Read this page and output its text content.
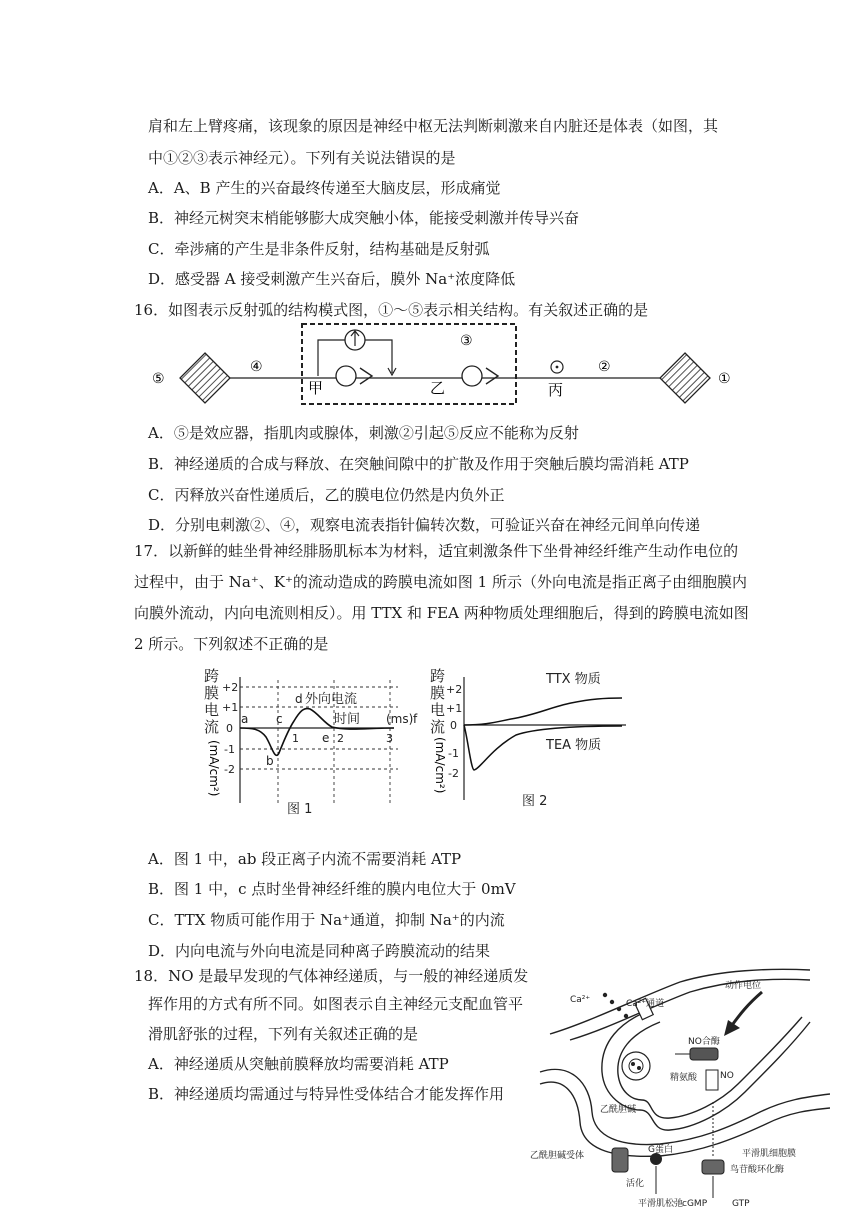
肩和左上臂疼痛，该现象的原因是神经中枢无法判断刺激来自内脏还是体表（如图，其
中①②③表示神经元）。下列有关说法错误的是
A．A、B 产生的兴奋最终传递至大脑皮层，形成痛觉
B．神经元树突末梢能够膨大成突触小体，能接受刺激并传导兴奋
C．牵涉痛的产生是非条件反射，结构基础是反射弧
D．感受器 A 接受刺激产生兴奋后，膜外 Na⁺浓度降低
16．如图表示反射弧的结构模式图，①～⑤表示相关结构。有关叙述正确的是
⑤
④
甲
③
乙	丙
②
①
A．⑤是效应器，指肌肉或腺体，刺激②引起⑤反应不能称为反射
B．神经递质的合成与释放、在突触间隙中的扩散及作用于突触后膜均需消耗 ATP
C．丙释放兴奋性递质后，乙的膜电位仍然是内负外正
D．分别电刺激②、④，观察电流表指针偏转次数，可验证兴奋在神经元间单向传递
17．以新鲜的蛙坐骨神经腓肠肌标本为材料，适宜刺激条件下坐骨神经纤维产生动作电位的
过程中，由于 Na⁺、K⁺的流动造成的跨膜电流如图 1 所示（外向电流是指正离子由细胞膜内
向膜外流动，内向电流则相反）。用 TTX 和 FEA 两种物质处理细胞后，得到的跨膜电流如图
2 所示。下列叙述不正确的是
跨
膜
电
流
(mA/cm²)
+2
+1
0
-1
-2
1	2	3
a
b
c
d
e
f
外向电流
时间 (ms)
图 1
跨
膜
电
流
(mA/cm²)
+2
+1
0
-1
-2
TTX 物质
TEA 物质
图 2
A．图 1 中，ab 段正离子内流不需要消耗 ATP
B．图 1 中，c 点时坐骨神经纤维的膜内电位大于 0mV
C．TTX 物质可能作用于 Na⁺通道，抑制 Na⁺的内流
D．内向电流与外向电流是同种离子跨膜流动的结果
18．NO 是最早发现的气体神经递质，与一般的神经递质发
挥作用的方式有所不同。如图表示自主神经元支配血管平
滑肌舒张的过程，下列有关叙述正确的是
A．神经递质从突触前膜释放均需要消耗 ATP
B．神经递质均需通过与特异性受体结合才能发挥作用
Ca²⁺	Ca²⁺通道
动作电位
NO合酶
精氨酸	NO
乙酰胆碱
G蛋白	平滑肌细胞膜
乙酰胆碱受体
活化
鸟苷酸环化酶
平滑肌松弛
cGMP	GTP
